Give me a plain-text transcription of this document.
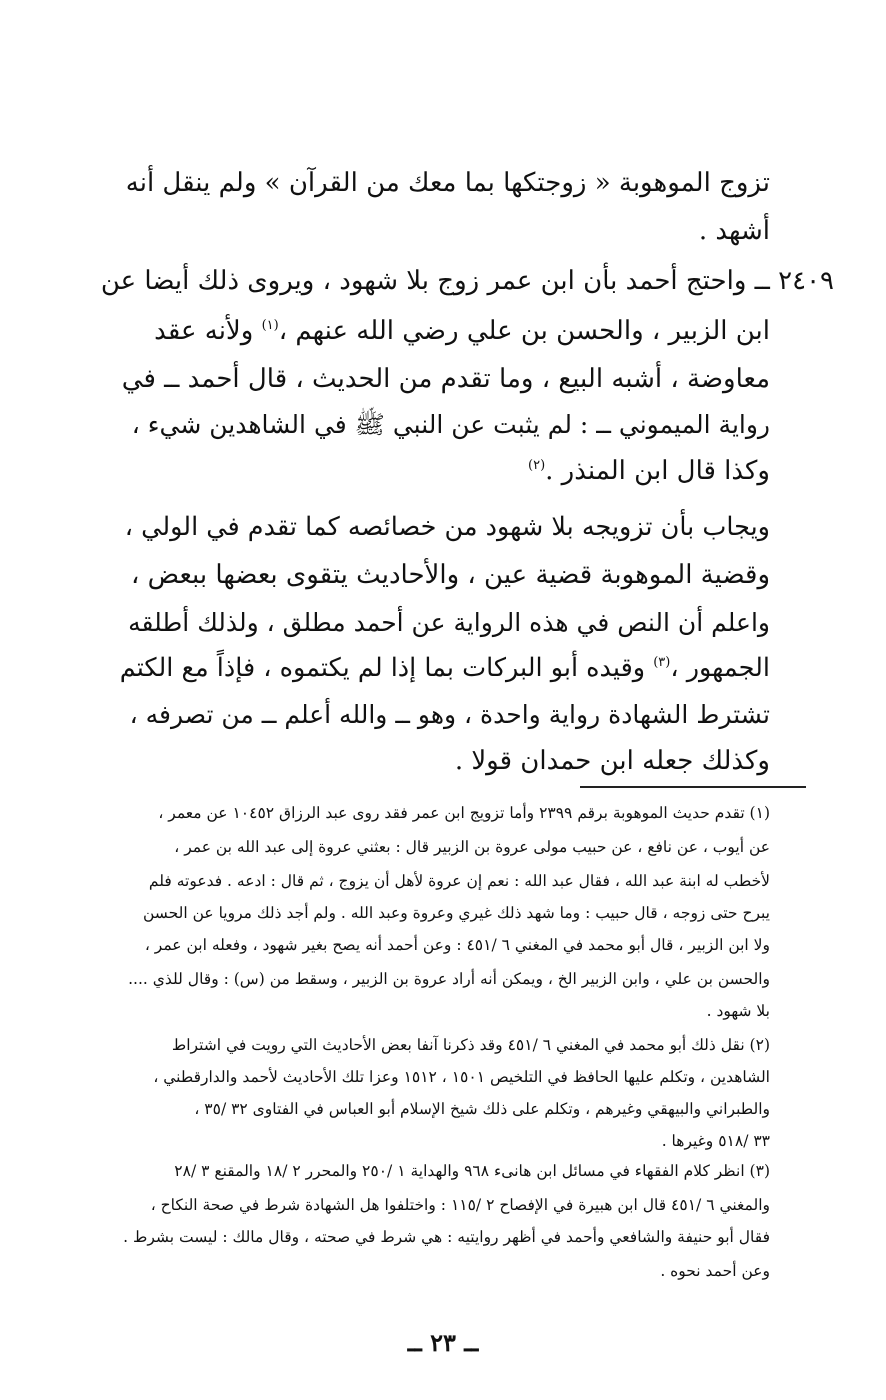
تزوج الموهوبة « زوجتكها بما معك من القرآن » ولم ينقل أنه
أشهد .
٢٤٠٩ ــ واحتج أحمد بأن ابن عمر زوج بلا شهود ، ويروى ذلك أيضا عن
ابن الزبير ، والحسن بن علي رضي الله عنهم ،$^{(١)}$ ولأنه عقد
معاوضة ، أشبه البيع ، وما تقدم من الحديث ، قال أحمد ــ في
رواية الميموني ــ : لم يثبت عن النبي ﷺ في الشاهدين شيء ،
وكذا قال ابن المنذر .$^{(٢)}$
ويجاب بأن تزويجه بلا شهود من خصائصه كما تقدم في الولي ،
وقضية الموهوبة قضية عين ، والأحاديث يتقوى بعضها ببعض ،
واعلم أن النص في هذه الرواية عن أحمد مطلق ، ولذلك أطلقه
الجمهور ،$^{(٣)}$ وقيده أبو البركات بما إذا لم يكتموه ، فإذاً مع الكتم
تشترط الشهادة رواية واحدة ، وهو ــ والله أعلم ــ من تصرفه ،
وكذلك جعله ابن حمدان قولا .
(١) تقدم حديث الموهوبة برقم ٢٣٩٩ وأما تزويج ابن عمر فقد روى عبد الرزاق ١٠٤٥٢ عن معمر ،
عن أيوب ، عن نافع ، عن حبيب مولى عروة بن الزبير قال : بعثني عروة إلى عبد الله بن عمر ،
لأخطب له ابنة عبد الله ، فقال عبد الله : نعم إن عروة لأهل أن يزوج ، ثم قال : ادعه . فدعوته فلم
يبرح حتى زوجه ، قال حبيب : وما شهد ذلك غيري وعروة وعبد الله . ولم أجد ذلك مرويا عن الحسن
ولا ابن الزبير ، قال أبو محمد في المغني ٦ /٤٥١ : وعن أحمد أنه يصح بغير شهود ، وفعله ابن عمر ،
والحسن بن علي ، وابن الزبير الخ ، ويمكن أنه أراد عروة بن الزبير ، وسقط من (س) : وقال للذي ....
بلا شهود .
(٢) نقل ذلك أبو محمد في المغني ٦ /٤٥١ وقد ذكرنا آنفا بعض الأحاديث التي رويت في اشتراط
الشاهدين ، وتكلم عليها الحافظ في التلخيص ١٥٠١ ، ١٥١٢ وعزا تلك الأحاديث لأحمد والدارقطني ،
والطبراني والبيهقي وغيرهم ، وتكلم على ذلك شيخ الإسلام أبو العباس في الفتاوى ٣٢ /٣٥ ،
٣٣ /٥١٨ وغيرها .
(٣) انظر كلام الفقهاء في مسائل ابن هانىء ٩٦٨ والهداية ١ /٢٥٠ والمحرر ٢ /١٨ والمقنع ٣ /٢٨
والمغني ٦ /٤٥١ قال ابن هبيرة في الإفصاح ٢ /١١٥ : واختلفوا هل الشهادة شرط في صحة النكاح ،
فقال أبو حنيفة والشافعي وأحمد في أظهر روايتيه : هي شرط في صحته ، وقال مالك : ليست بشرط .
وعن أحمد نحوه .
ــ ٢٣ ــ
